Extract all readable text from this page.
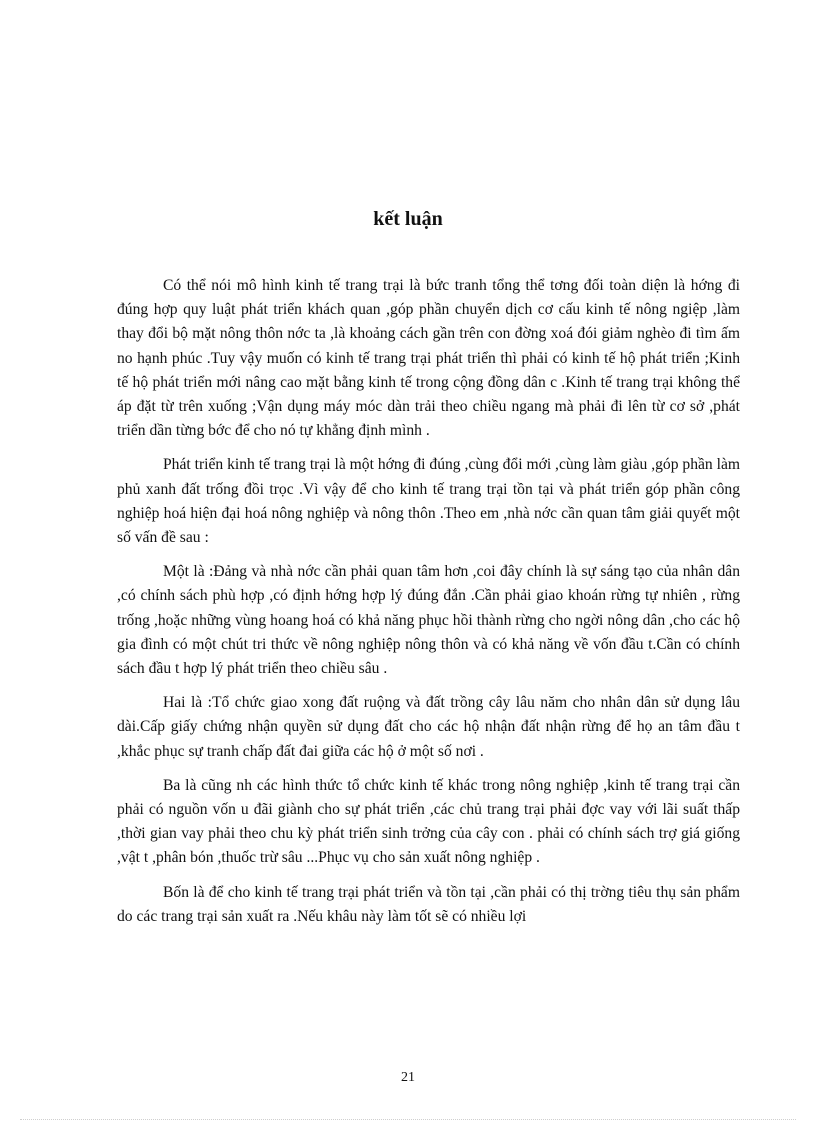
kết luận

Có thể nói mô hình kinh tế trang trại là bức tranh tổng thể tơng đối toàn diện là hớng đi đúng hợp quy luật phát triển khách quan ,góp phần chuyển dịch cơ cấu kinh tế nông ngiệp ,làm thay đổi bộ mặt nông thôn nớc ta ,là khoảng cách gần trên con đờng xoá đói giảm nghèo đi tìm ấm no hạnh phúc .Tuy vậy muốn có kinh tế trang trại phát triển thì phải có kinh tế hộ phát triển ;Kinh tế hộ phát triển mới nâng cao mặt bằng kinh tế trong cộng đồng dân c .Kinh tế trang trại không thể áp đặt từ trên xuống ;Vận dụng máy móc dàn trải theo chiều ngang mà phải đi lên từ cơ sở ,phát triển dần từng bớc để cho nó tự khẳng định mình .

Phát triển kinh tế trang trại là một hớng đi đúng ,cùng đổi mới ,cùng làm giàu ,góp phần làm phủ xanh đất trống đồi trọc .Vì vậy để cho kinh tế trang trại tồn tại và phát triển góp phần công nghiệp hoá hiện đại hoá nông nghiệp và nông thôn .Theo em ,nhà nớc cần quan tâm giải quyết một số vấn đề sau :

Một là :Đảng và nhà nớc cần phải quan tâm hơn ,coi đây chính là sự sáng tạo của nhân dân ,có chính sách phù hợp ,có định hớng hợp lý đúng đắn .Cần phải giao khoán rừng tự nhiên , rừng trống ,hoặc những vùng hoang hoá có khả năng phục hồi thành rừng cho ngời nông dân ,cho các hộ gia đình có một chút tri thức về nông nghiệp nông thôn và có khả năng về vốn đầu t.Cần có chính sách đầu t hợp lý phát triển theo chiều sâu .

Hai là :Tổ chức giao xong đất ruộng và đất trồng cây lâu năm cho nhân dân sử dụng lâu dài.Cấp giấy chứng nhận quyền sử dụng đất cho các hộ nhận đất nhận rừng để họ an tâm đầu t ,khắc phục sự tranh chấp đất đai giữa các hộ ở một số nơi .

Ba là cũng nh các hình thức tổ chức kinh tế khác trong nông nghiệp ,kinh tế trang trại cần phải có nguồn vốn u đãi giành cho sự phát triển ,các chủ trang trại phải đợc vay với lãi suất thấp ,thời gian vay phải theo chu kỳ phát triển sinh trởng của cây con . phải có chính sách trợ giá giống ,vật t ,phân bón ,thuốc trừ sâu ...Phục vụ cho sản xuất nông nghiệp .

Bốn là để cho kinh tế trang trại phát triển và tồn tại ,cần phải có thị trờng tiêu thụ sản phẩm do các trang trại sản xuất ra .Nếu khâu này làm tốt sẽ có nhiều lợi

21
